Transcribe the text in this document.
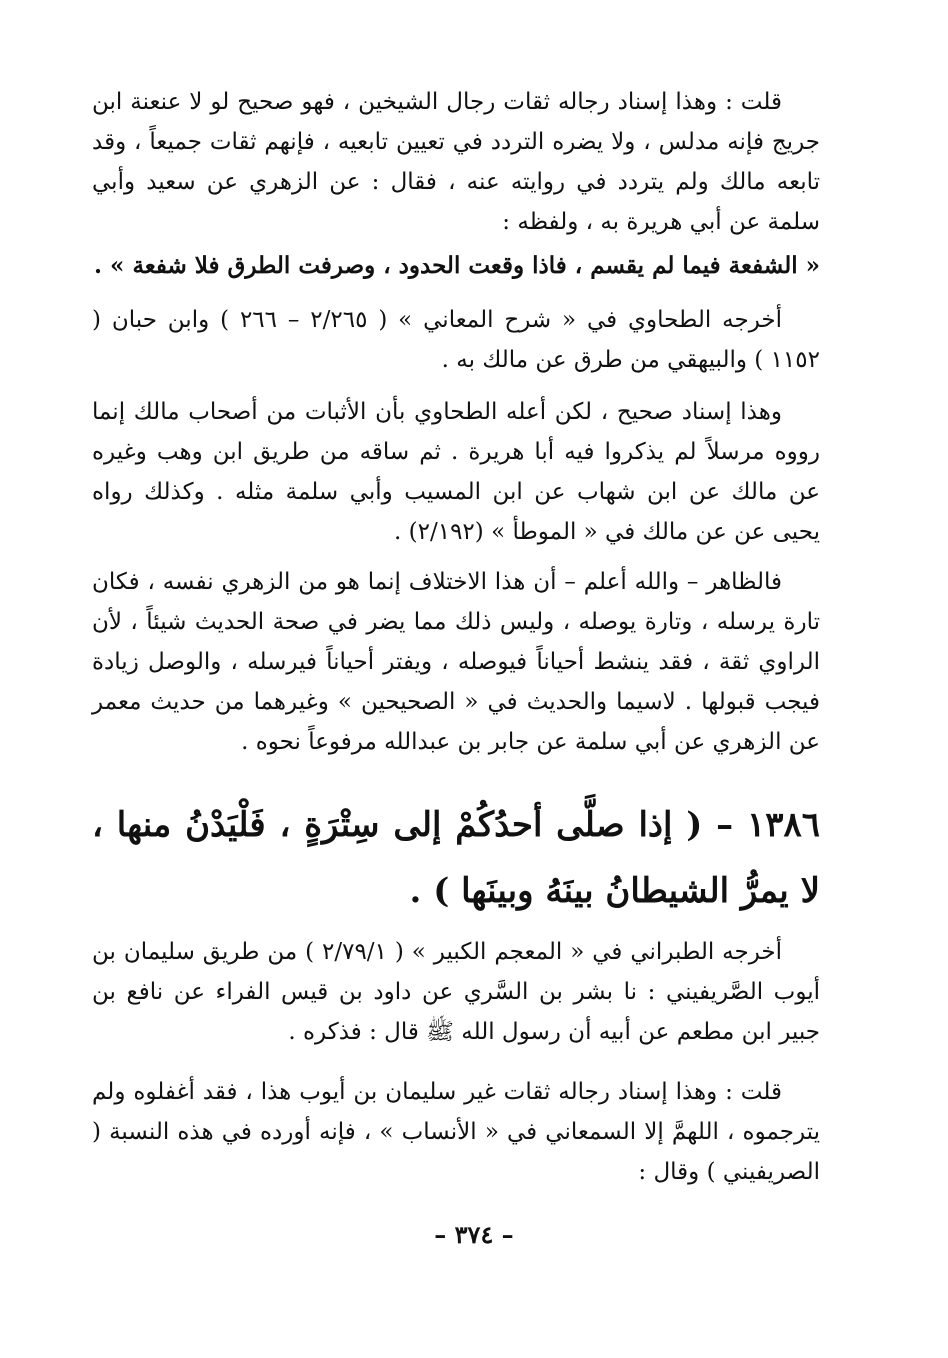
قلت : وهذا إسناد رجاله ثقات رجال الشيخين ، فهو صحيح لو لا عنعنة ابن جريج فإنه مدلس ، ولا يضره التردد في تعيين تابعيه ، فإنهم ثقات جميعاً ، وقد تابعه مالك ولم يتردد في روايته عنه ، فقال : عن الزهري عن سعيد وأبي سلمة عن أبي هريرة به ، ولفظه :

« الشفعة فيما لم يقسم ، فاذا وقعت الحدود ، وصرفت الطرق فلا شفعة » .

أخرجه الطحاوي في « شرح المعاني » ( ٢/٢٦٥ – ٢٦٦ ) وابن حبان ( ١١٥٢ ) والبيهقي من طرق عن مالك به .

وهذا إسناد صحيح ، لكن أعله الطحاوي بأن الأثبات من أصحاب مالك إنما رووه مرسلاً لم يذكروا فيه أبا هريرة . ثم ساقه من طريق ابن وهب وغيره عن مالك عن ابن شهاب عن ابن المسيب وأبي سلمة مثله . وكذلك رواه يحيى عن عن مالك في « الموطأ » (٢/١٩٢) .

فالظاهر – والله أعلم – أن هذا الاختلاف إنما هو من الزهري نفسه ، فكان تارة يرسله ، وتارة يوصله ، وليس ذلك مما يضر في صحة الحديث شيئاً ، لأن الراوي ثقة ، فقد ينشط أحياناً فيوصله ، ويفتر أحياناً فيرسله ، والوصل زيادة فيجب قبولها . لاسيما والحديث في « الصحيحين » وغيرهما من حديث معمر عن الزهري عن أبي سلمة عن جابر بن عبدالله مرفوعاً نحوه .

١٣٨٦ – ( إذا صلَّى أحدُكُمْ إلى سِتْرَةٍ ، فَلْيَدْنُ منها ، لا يمرُّ الشيطانُ بينَهُ وبينَها ) .

أخرجه الطبراني في « المعجم الكبير » ( ٢/٧٩/١ ) من طريق سليمان بن أيوب الصَّريفيني : نا بشر بن السَّري عن داود بن قيس الفراء عن نافع بن جبير ابن مطعم عن أبيه أن رسول الله ﷺ قال : فذكره .

قلت : وهذا إسناد رجاله ثقات غير سليمان بن أيوب هذا ، فقد أغفلوه ولم يترجموه ، اللهمَّ إلا السمعاني في « الأنساب » ، فإنه أورده في هذه النسبة ( الصريفيني ) وقال :

– ٣٧٤ –
